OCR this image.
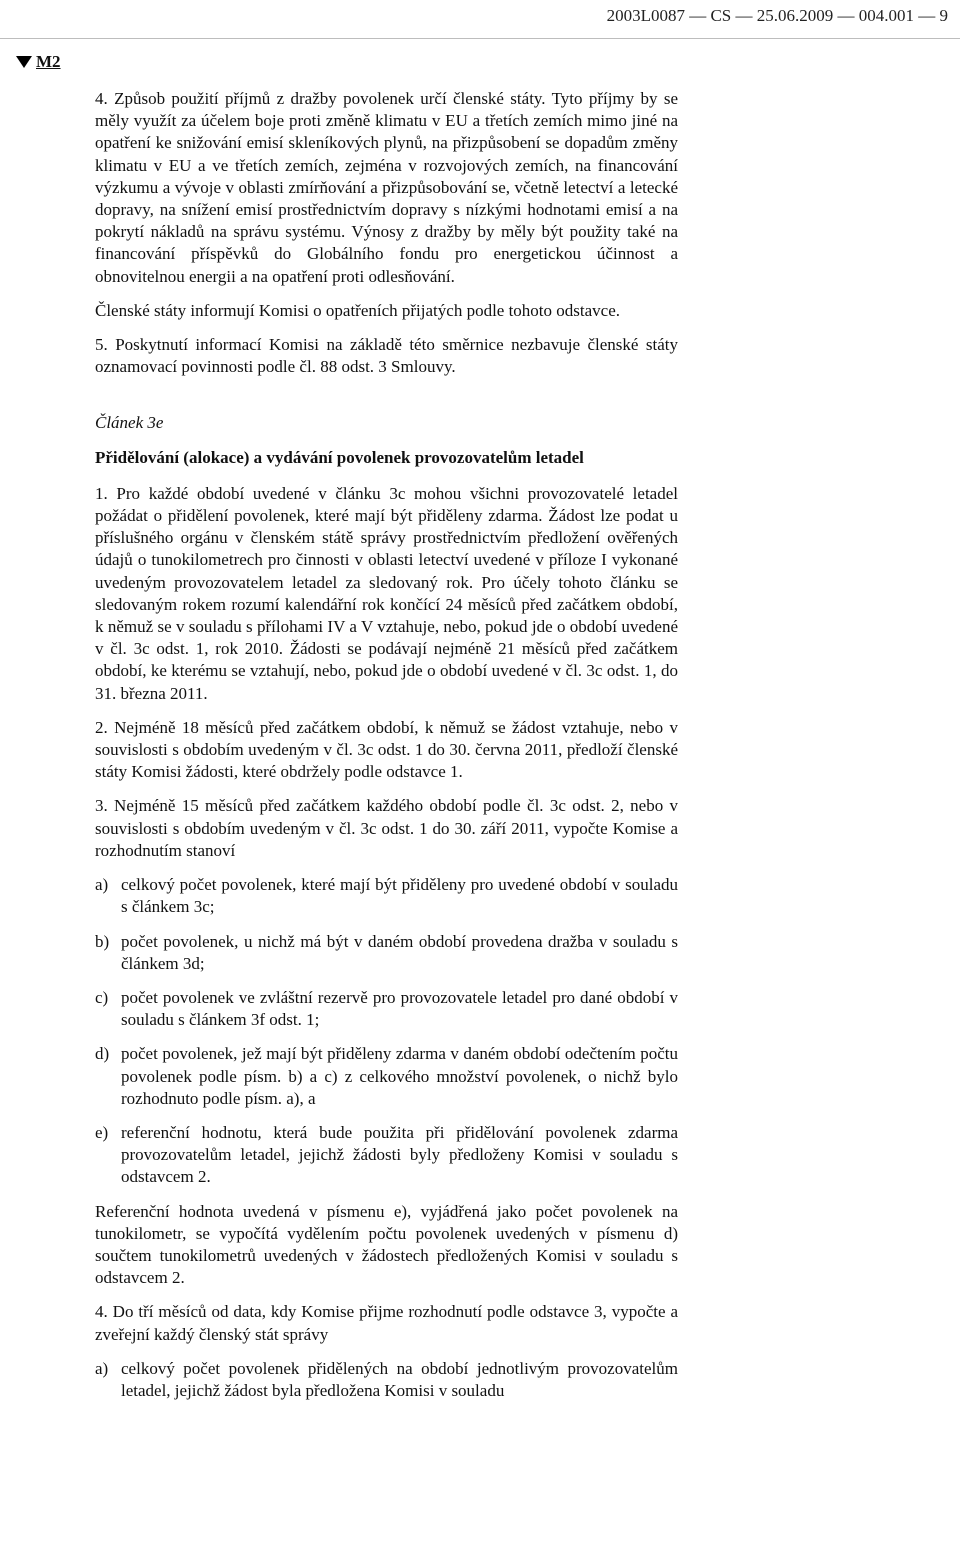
2003L0087 — CS — 25.06.2009 — 004.001 — 9
M2

4. Způsob použití příjmů z dražby povolenek určí členské státy. Tyto příjmy by se měly využít za účelem boje proti změně klimatu v EU a třetích zemích mimo jiné na opatření ke snižování emisí skleníkových plynů, na přizpůsobení se dopadům změny klimatu v EU a ve třetích zemích, zejména v rozvojových zemích, na financování výzkumu a vývoje v oblasti zmírňování a přizpůsobování se, včetně letectví a letecké dopravy, na snížení emisí prostřednictvím dopravy s nízkými hodnotami emisí a na pokrytí nákladů na správu systému. Výnosy z dražby by měly být použity také na financování příspěvků do Globálního fondu pro energetickou účinnost a obnovitelnou energii a na opatření proti odlesňování.

Členské státy informují Komisi o opatřeních přijatých podle tohoto odstavce.

5. Poskytnutí informací Komisi na základě této směrnice nezbavuje členské státy oznamovací povinnosti podle čl. 88 odst. 3 Smlouvy.

Článek 3e

Přidělování (alokace) a vydávání povolenek provozovatelům letadel

1. Pro každé období uvedené v článku 3c mohou všichni provozovatelé letadel požádat o přidělení povolenek, které mají být přiděleny zdarma. Žádost lze podat u příslušného orgánu v členském státě správy prostřednictvím předložení ověřených údajů o tunokilometrech pro činnosti v oblasti letectví uvedené v příloze I vykonané uvedeným provozovatelem letadel za sledovaný rok. Pro účely tohoto článku se sledovaným rokem rozumí kalendářní rok končící 24 měsíců před začátkem období, k němuž se v souladu s přílohami IV a V vztahuje, nebo, pokud jde o období uvedené v čl. 3c odst. 1, rok 2010. Žádosti se podávají nejméně 21 měsíců před začátkem období, ke kterému se vztahují, nebo, pokud jde o období uvedené v čl. 3c odst. 1, do 31. března 2011.

2. Nejméně 18 měsíců před začátkem období, k němuž se žádost vztahuje, nebo v souvislosti s obdobím uvedeným v čl. 3c odst. 1 do 30. června 2011, předloží členské státy Komisi žádosti, které obdržely podle odstavce 1.

3. Nejméně 15 měsíců před začátkem každého období podle čl. 3c odst. 2, nebo v souvislosti s obdobím uvedeným v čl. 3c odst. 1 do 30. září 2011, vypočte Komise a rozhodnutím stanoví

a) celkový počet povolenek, které mají být přiděleny pro uvedené období v souladu s článkem 3c;
b) počet povolenek, u nichž má být v daném období provedena dražba v souladu s článkem 3d;
c) počet povolenek ve zvláštní rezervě pro provozovatele letadel pro dané období v souladu s článkem 3f odst. 1;
d) počet povolenek, jež mají být přiděleny zdarma v daném období odečtením počtu povolenek podle písm. b) a c) z celkového množství povolenek, o nichž bylo rozhodnuto podle písm. a), a
e) referenční hodnotu, která bude použita při přidělování povolenek zdarma provozovatelům letadel, jejichž žádosti byly předloženy Komisi v souladu s odstavcem 2.

Referenční hodnota uvedená v písmenu e), vyjádřená jako počet povolenek na tunokilometr, se vypočítá vydělením počtu povolenek uvedených v písmenu d) součtem tunokilometrů uvedených v žádostech předložených Komisi v souladu s odstavcem 2.

4. Do tří měsíců od data, kdy Komise přijme rozhodnutí podle odstavce 3, vypočte a zveřejní každý členský stát správy

a) celkový počet povolenek přidělených na období jednotlivým provozovatelům letadel, jejichž žádost byla předložena Komisi v souladu
